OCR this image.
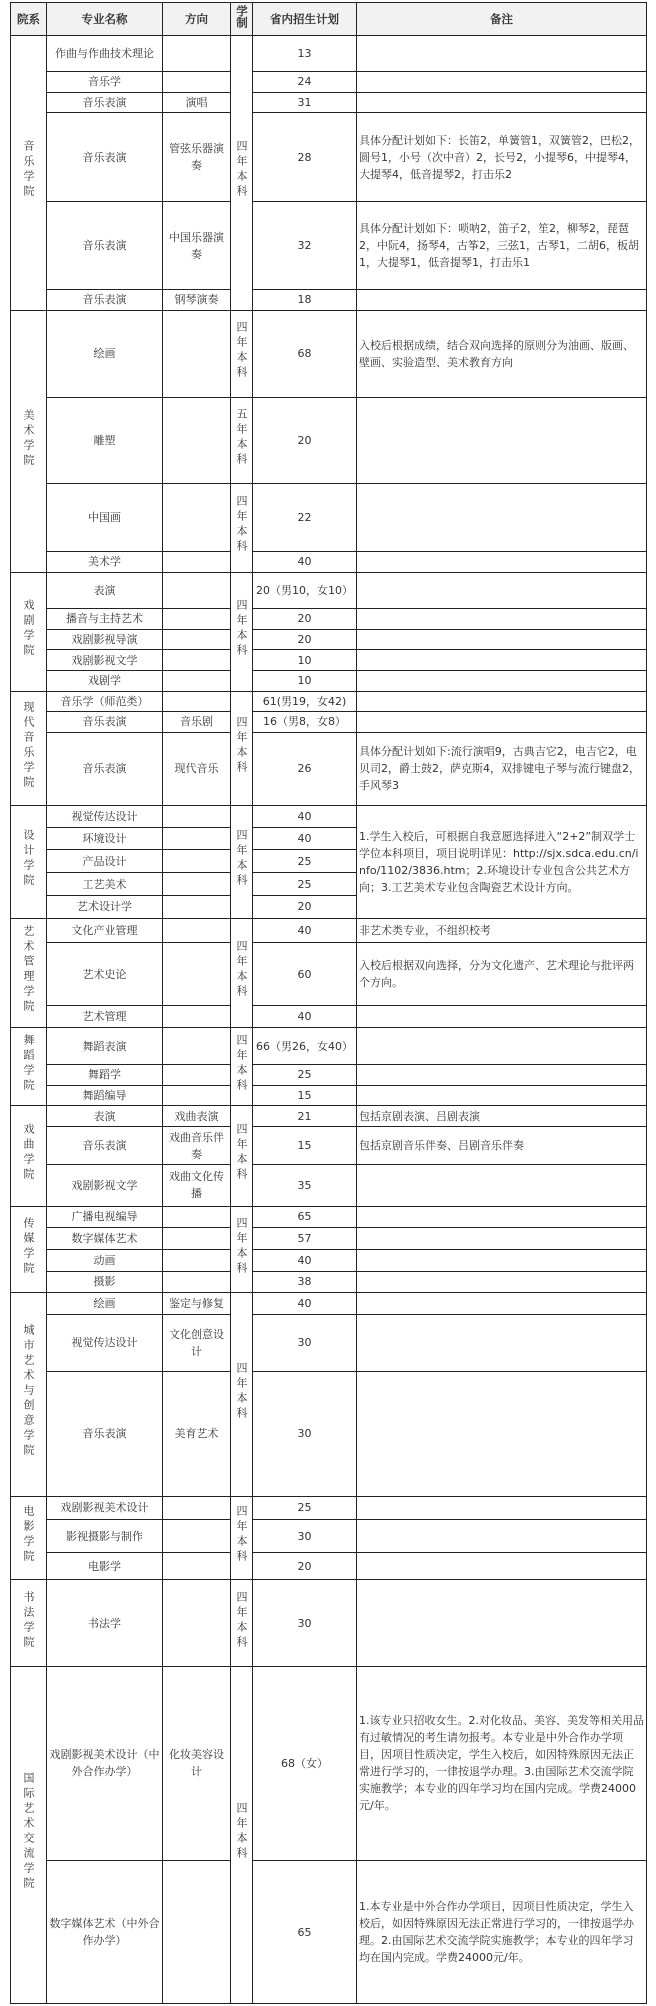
院系	专业名称	方向	学制	省内招生计划	备注
音乐学院	作曲与作曲技术理论		四年本科	13	
	音乐学			24	
	音乐表演	演唱		31	
	音乐表演	管弦乐器演奏		28	具体分配计划如下：长笛2，单簧管1，双簧管2，巴松2，圆号1，小号（次中音）2，长号2，小提琴6，中提琴4，大提琴4，低音提琴2，打击乐2
	音乐表演	中国乐器演奏		32	具体分配计划如下：唢呐2，笛子2，笙2，柳琴2，琵琶2，中阮4，扬琴4，古筝2，三弦1，古琴1，二胡6，板胡1，大提琴1，低音提琴1，打击乐1
	音乐表演	钢琴演奏		18	
美术学院	绘画		四年本科	68	入校后根据成绩，结合双向选择的原则分为油画、版画、壁画、实验造型、美术教育方向
	雕塑		五年本科	20	
	中国画		四年本科	22	
	美术学			40	
戏剧学院	表演		四年本科	20（男10，女10）	
	播音与主持艺术			20	
	戏剧影视导演			20	
	戏剧影视文学			10	
	戏剧学			10	
现代音乐学院	音乐学（师范类）		四年本科	61(男19，女42)	
	音乐表演	音乐剧		16（男8，女8）	
	音乐表演	现代音乐		26	具体分配计划如下:流行演唱9，古典吉它2，电吉它2，电贝司2，爵士鼓2，萨克斯4，双排键电子琴与流行键盘2，手风琴3
设计学院	视觉传达设计		四年本科	40	1.学生入校后，可根据自我意愿选择进入“2+2”制双学士学位本科项目，项目说明详见：http://sjx.sdca.edu.cn/info/1102/3836.htm；2.环境设计专业包含公共艺术方向；3.工艺美术专业包含陶瓷艺术设计方向。
	环境设计			40	
	产品设计			25	
	工艺美术			25	
	艺术设计学			20	
艺术管理学院	文化产业管理		四年本科	40	非艺术类专业，不组织校考
	艺术史论			60	入校后根据双向选择，分为文化遗产、艺术理论与批评两个方向。
	艺术管理			40	
舞蹈学院	舞蹈表演		四年本科	66（男26，女40）	
	舞蹈学			25	
	舞蹈编导			15	
戏曲学院	表演	戏曲表演	四年本科	21	包括京剧表演、吕剧表演
	音乐表演	戏曲音乐伴奏		15	包括京剧音乐伴奏、吕剧音乐伴奏
	戏剧影视文学	戏曲文化传播		35	
传媒学院	广播电视编导		四年本科	65	
	数字媒体艺术			57	
	动画			40	
	摄影			38	
城市艺术与创意学院	绘画	鉴定与修复	四年本科	40	
	视觉传达设计	文化创意设计		30	
	音乐表演	美育艺术		30	
电影学院	戏剧影视美术设计		四年本科	25	
	影视摄影与制作			30	
	电影学			20	
书法学院	书法学		四年本科	30	
国际艺术交流学院	戏剧影视美术设计（中外合作办学）	化妆美容设计	四年本科	68（女）	1.该专业只招收女生。2.对化妆品、美容、美发等相关用品有过敏情况的考生请勿报考。本专业是中外合作办学项目，因项目性质决定，学生入校后，如因特殊原因无法正常进行学习的，一律按退学办理。3.由国际艺术交流学院实施教学；本专业的四年学习均在国内完成。学费24000元/年。
	数字媒体艺术（中外合作办学）			65	1.本专业是中外合作办学项目，因项目性质决定，学生入校后，如因特殊原因无法正常进行学习的，一律按退学办理。2.由国际艺术交流学院实施教学；本专业的四年学习均在国内完成。学费24000元/年。
